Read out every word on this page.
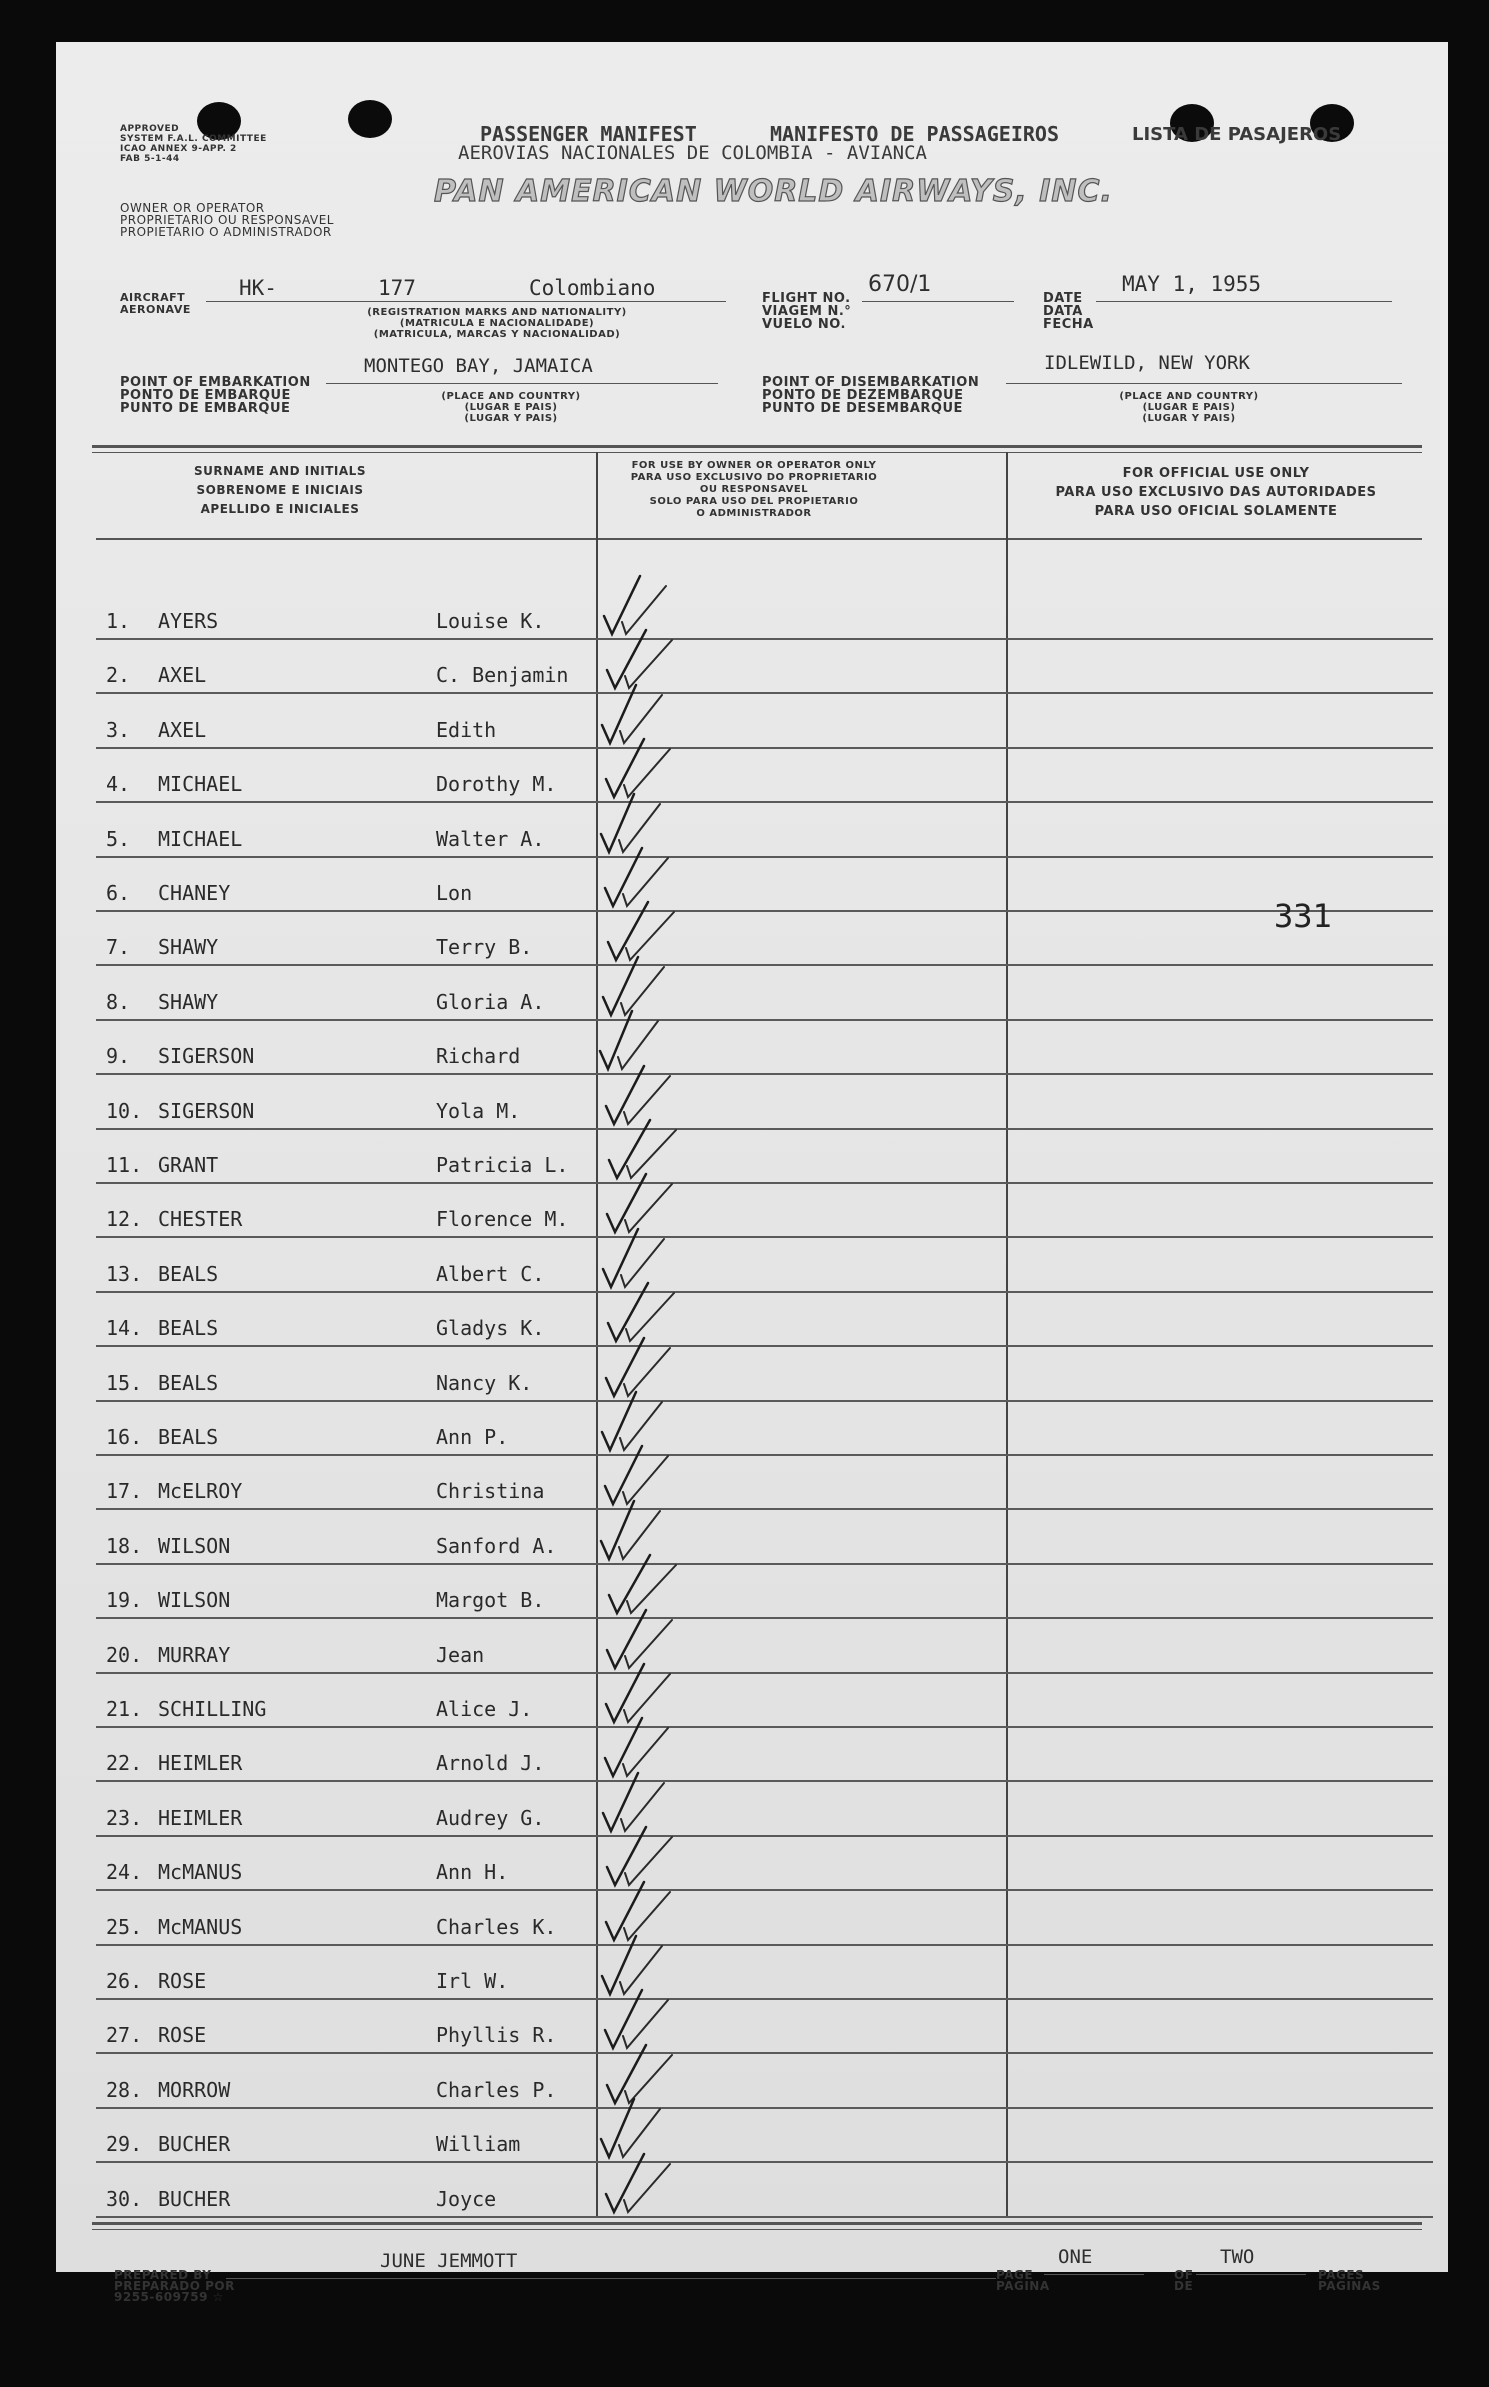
APPROVED
SYSTEM F.A.L. COMMITTEE
ICAO ANNEX 9-APP. 2
FAB 5-1-44
OWNER OR OPERATOR
PROPRIETARIO OU RESPONSAVEL
PROPIETARIO O ADMINISTRADOR
PASSENGER MANIFEST	MANIFESTO DE PASSAGEIROS	LISTA DE PASAJEROS
AEROVIAS NACIONALES DE COLOMBIA - AVIANCA
PAN AMERICAN WORLD AIRWAYS, INC.
AIRCRAFT
AERONAVE
HK-	177	Colombiano
(REGISTRATION MARKS AND NATIONALITY)
(MATRICULA E NACIONALIDADE)
(MATRICULA, MARCAS Y NACIONALIDAD)
FLIGHT NO.
VIAGEM N.°
VUELO NO.
670/1
DATE
DATA
FECHA
MAY 1, 1955
POINT OF EMBARKATION
PONTO DE EMBARQUE
PUNTO DE EMBARQUE
MONTEGO BAY, JAMAICA
(PLACE AND COUNTRY)
(LUGAR E PAIS)
(LUGAR Y PAIS)
POINT OF DISEMBARKATION
PONTO DE DEZEMBARQUE
PUNTO DE DESEMBARQUE
IDLEWILD, NEW YORK
(PLACE AND COUNTRY)
(LUGAR E PAIS)
(LUGAR Y PAIS)
SURNAME AND INITIALS
SOBRENOME E INICIAIS
APELLIDO E INICIALES
FOR USE BY OWNER OR OPERATOR ONLY
PARA USO EXCLUSIVO DO PROPRIETARIO
OU RESPONSAVEL
SOLO PARA USO DEL PROPIETARIO
O ADMINISTRADOR
FOR OFFICIAL USE ONLY
PARA USO EXCLUSIVO DAS AUTORIDADES
PARA USO OFICIAL SOLAMENTE
1.	AYERS	Louise K.
2.	AXEL	C. Benjamin
3.	AXEL	Edith
4.	MICHAEL	Dorothy M.
5.	MICHAEL	Walter A.
6.	CHANEY	Lon
7.	SHAWY	Terry B.
8.	SHAWY	Gloria A.
9.	SIGERSON	Richard
10. SIGERSON	Yola M.
11. GRANT	Patricia L.
12. CHESTER	Florence M.
13. BEALS	Albert C.
14. BEALS	Gladys K.
15. BEALS	Nancy K.
16. BEALS	Ann P.
17. McELROY	Christina
18. WILSON	Sanford A.
19. WILSON	Margot B.
20. MURRAY	Jean
21. SCHILLING	Alice J.
22. HEIMLER	Arnold J.
23. HEIMLER	Audrey G.
24. McMANUS	Ann H.
25. McMANUS	Charles K.
26. ROSE	Irl W.
27. ROSE	Phyllis R.
28. MORROW	Charles P.
29. BUCHER	William
30. BUCHER	Joyce
331
PREPARED BY
PREPARADO POR
9255-609759 ☆
JUNE JEMMOTT
PAGE
PAGINA
ONE
OF
DE
TWO
PAGES
PAGINAS
